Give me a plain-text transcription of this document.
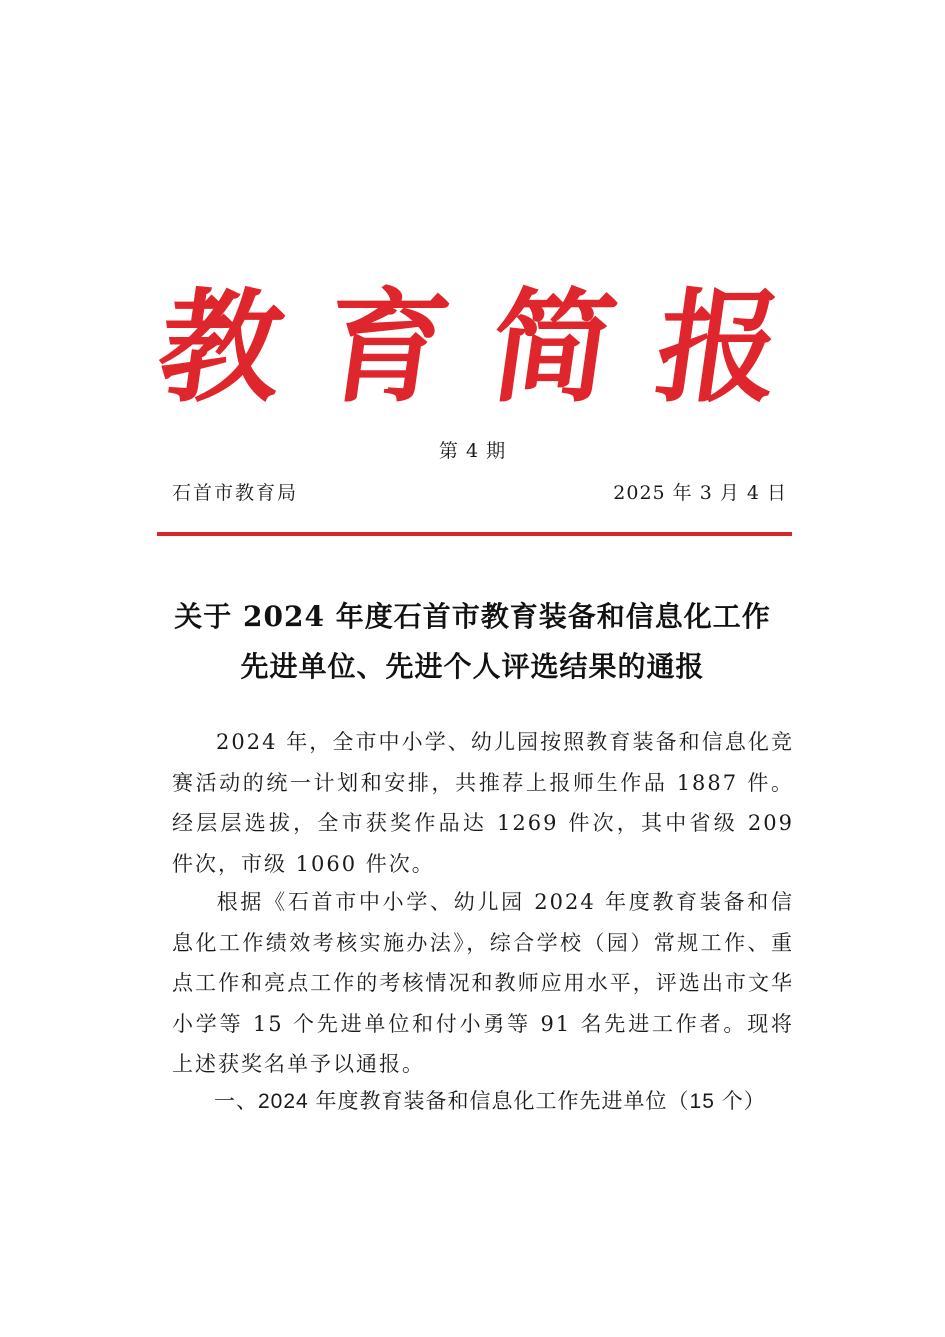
教 育 简 报
第 4 期
石首市教育局	2025 年 3 月 4 日
关于 2024 年度石首市教育装备和信息化工作
先进单位、先进个人评选结果的通报

2024 年，全市中小学、幼儿园按照教育装备和信息化竞赛活动的统一计划和安排，共推荐上报师生作品 1887 件。经层层选拔，全市获奖作品达 1269 件次，其中省级 209 件次，市级 1060 件次。

根据《石首市中小学、幼儿园 2024 年度教育装备和信息化工作绩效考核实施办法》，综合学校（园）常规工作、重点工作和亮点工作的考核情况和教师应用水平，评选出市文华小学等 15 个先进单位和付小勇等 91 名先进工作者。现将上述获奖名单予以通报。

一、2024 年度教育装备和信息化工作先进单位（15 个）
